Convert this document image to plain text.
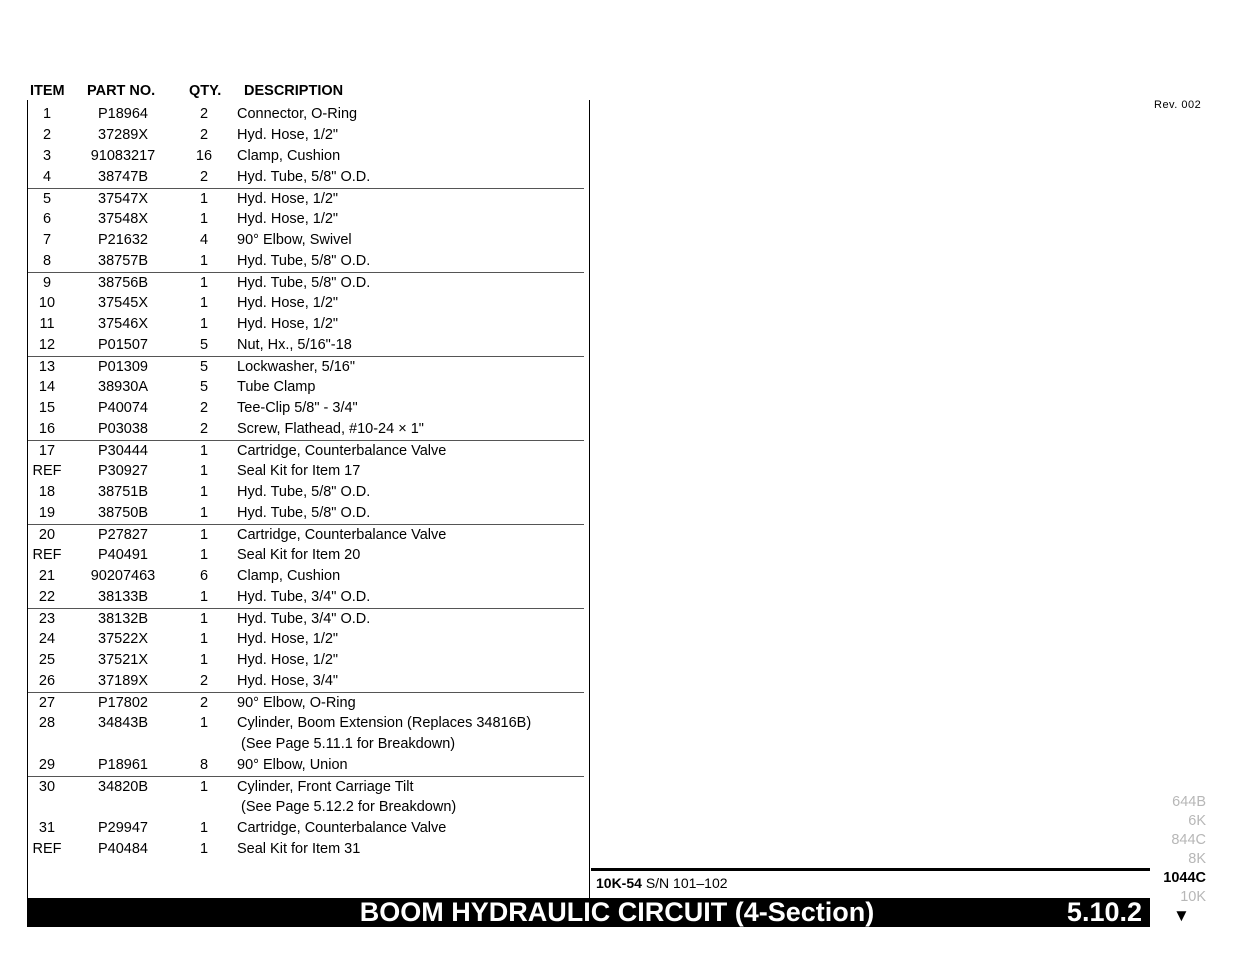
ITEM PART NO. QTY. DESCRIPTION
1	P18964	2	Connector, O-Ring
2	37289X	2	Hyd. Hose, 1/2"
3	91083217	16	Clamp, Cushion
4	38747B	2	Hyd. Tube, 5/8" O.D.
5	37547X	1	Hyd. Hose, 1/2"
6	37548X	1	Hyd. Hose, 1/2"
7	P21632	4	90° Elbow, Swivel
8	38757B	1	Hyd. Tube, 5/8" O.D.
9	38756B	1	Hyd. Tube, 5/8" O.D.
10	37545X	1	Hyd. Hose, 1/2"
11	37546X	1	Hyd. Hose, 1/2"
12	P01507	5	Nut, Hx., 5/16"-18
13	P01309	5	Lockwasher, 5/16"
14	38930A	5	Tube Clamp
15	P40074	2	Tee-Clip 5/8" - 3/4"
16	P03038	2	Screw, Flathead, #10-24 × 1"
17	P30444	1	Cartridge, Counterbalance Valve
REF	P30927	1	Seal Kit for Item 17
18	38751B	1	Hyd. Tube, 5/8" O.D.
19	38750B	1	Hyd. Tube, 5/8" O.D.
20	P27827	1	Cartridge, Counterbalance Valve
REF	P40491	1	Seal Kit for Item 20
21	90207463	6	Clamp, Cushion
22	38133B	1	Hyd. Tube, 3/4" O.D.
23	38132B	1	Hyd. Tube, 3/4" O.D.
24	37522X	1	Hyd. Hose, 1/2"
25	37521X	1	Hyd. Hose, 1/2"
26	37189X	2	Hyd. Hose, 3/4"
27	P17802	2	90° Elbow, O-Ring
28	34843B	1	Cylinder, Boom Extension (Replaces 34816B)
(See Page 5.11.1 for Breakdown)
29	P18961	8	90° Elbow, Union
30	34820B	1	Cylinder, Front Carriage Tilt
(See Page 5.12.2 for Breakdown)
31	P29947	1	Cartridge, Counterbalance Valve
REF	P40484	1	Seal Kit for Item 31
Rev. 002
10K-54 S/N 101–102
BOOM HYDRAULIC CIRCUIT (4-Section)	5.10.2
644B
6K
844C
8K
1044C
10K
▼
